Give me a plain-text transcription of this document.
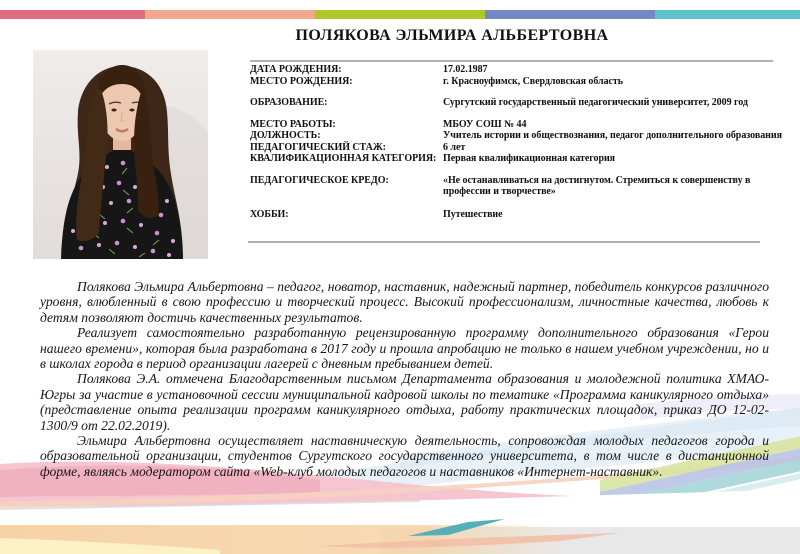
ПОЛЯКОВА ЭЛЬМИРА АЛЬБЕРТОВНА
ДАТА РОЖДЕНИЯ:	17.02.1987
МЕСТО РОЖДЕНИЯ:	г. Красноуфимск, Свердловская область
ОБРАЗОВАНИЕ:	Сургутский государственный педагогический университет, 2009 год
МЕСТО РАБОТЫ:	МБОУ СОШ № 44
ДОЛЖНОСТЬ:	Учитель истории и обществознания, педагог дополнительного образования
ПЕДАГОГИЧЕСКИЙ СТАЖ:	6 лет
КВАЛИФИКАЦИОННАЯ КАТЕГОРИЯ: Первая квалификационная категория
ПЕДАГОГИЧЕСКОЕ КРЕДО:	«Не останавливаться на достигнутом. Стремиться к совершенству в профессии и творчестве»
ХОББИ:	Путешествие

Полякова Эльмира Альбертовна – педагог, новатор, наставник, надежный партнер, победитель конкурсов различного уровня, влюбленный в свою профессию и творческий процесс. Высокий профессионализм, личностные качества, любовь к детям позволяют достичь качественных результатов.

Реализует самостоятельно разработанную рецензированную программу дополнительного образования «Герои нашего времени», которая была разработана в 2017 году и прошла апробацию не только в нашем учебном учреждении, но и в школах города в период организации лагерей с дневным пребыванием детей.

Полякова Э.А. отмечена Благодарственным письмом Департамента образования и молодежной политика ХМАО-Югры за участие в установочной сессии муниципальной кадровой школы по тематике «Программа каникулярного отдыха» (представление опыта реализации программ каникулярного отдыха, работу практических площадок, приказ ДО 12-02-1300/9 от 22.02.2019).

Эльмира Альбертовна осуществляет наставническую деятельность, сопровождая молодых педагогов города и образовательной организации, студентов Сургутского государственного университета, в том числе в дистанционной форме, являясь модератором сайта «Web-клуб молодых педагогов и наставников «Интернет-наставник».
